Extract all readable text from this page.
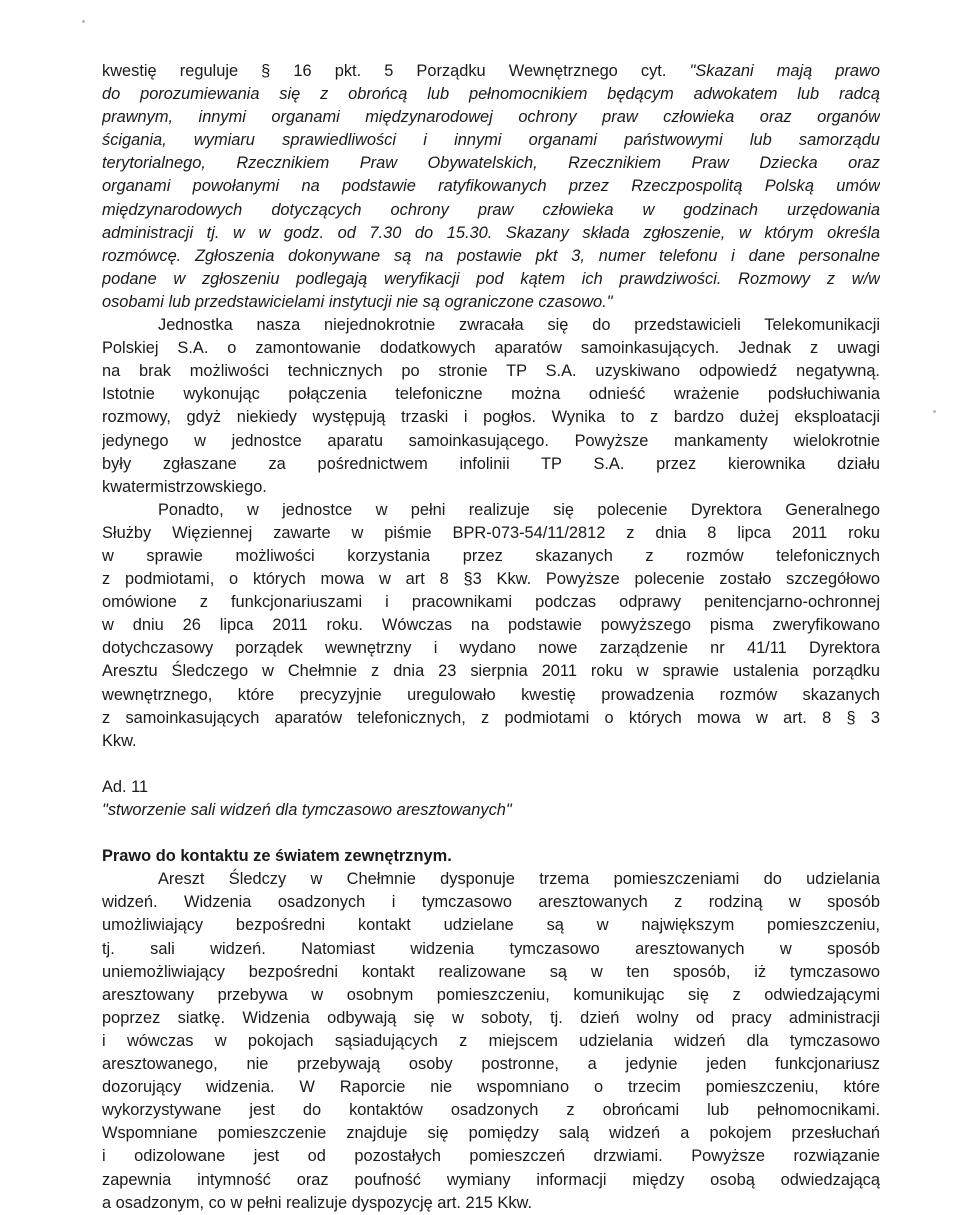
kwestię reguluje § 16 pkt. 5 Porządku Wewnętrznego cyt. "Skazani mają prawo
do porozumiewania się z obrońcą lub pełnomocnikiem będącym adwokatem lub radcą
prawnym, innymi organami międzynarodowej ochrony praw człowieka oraz organów
ścigania, wymiaru sprawiedliwości i innymi organami państwowymi lub samorządu
terytorialnego, Rzecznikiem Praw Obywatelskich, Rzecznikiem Praw Dziecka oraz
organami powołanymi na podstawie ratyfikowanych przez Rzeczpospolitą Polską umów
międzynarodowych dotyczących ochrony praw człowieka w godzinach urzędowania
administracji tj. w w godz. od 7.30 do 15.30. Skazany składa zgłoszenie, w którym określa
rozmówcę. Zgłoszenia dokonywane są na postawie pkt 3, numer telefonu i dane personalne
podane w zgłoszeniu podlegają weryfikacji pod kątem ich prawdziwości. Rozmowy z w/w
osobami lub przedstawicielami instytucji nie są ograniczone czasowo."
Jednostka nasza niejednokrotnie zwracała się do przedstawicieli Telekomunikacji
Polskiej S.A. o zamontowanie dodatkowych aparatów samoinkasujących. Jednak z uwagi
na brak możliwości technicznych po stronie TP S.A. uzyskiwano odpowiedź negatywną.
Istotnie wykonując połączenia telefoniczne można odnieść wrażenie podsłuchiwania
rozmowy, gdyż niekiedy występują trzaski i pogłos. Wynika to z bardzo dużej eksploatacji
jedynego w jednostce aparatu samoinkasującego. Powyższe mankamenty wielokrotnie
były zgłaszane za pośrednictwem infolinii TP S.A. przez kierownika działu
kwatermistrzowskiego.
Ponadto, w jednostce w pełni realizuje się polecenie Dyrektora Generalnego
Służby Więziennej zawarte w piśmie BPR-073-54/11/2812 z dnia 8 lipca 2011 roku
w sprawie możliwości korzystania przez skazanych z rozmów telefonicznych
z podmiotami, o których mowa w art 8 §3 Kkw. Powyższe polecenie zostało szczegółowo
omówione z funkcjonariuszami i pracownikami podczas odprawy penitencjarno-ochronnej
w dniu 26 lipca 2011 roku. Wówczas na podstawie powyższego pisma zweryfikowano
dotychczasowy porządek wewnętrzny i wydano nowe zarządzenie nr 41/11 Dyrektora
Aresztu Śledczego w Chełmnie z dnia 23 sierpnia 2011 roku w sprawie ustalenia porządku
wewnętrznego, które precyzyjnie uregulowało kwestię prowadzenia rozmów skazanych
z samoinkasujących aparatów telefonicznych, z podmiotami o których mowa w art. 8 § 3
Kkw.
Ad. 11
"stworzenie sali widzeń dla tymczasowo aresztowanych"
Prawo do kontaktu ze światem zewnętrznym.
Areszt Śledczy w Chełmnie dysponuje trzema pomieszczeniami do udzielania
widzeń. Widzenia osadzonych i tymczasowo aresztowanych z rodziną w sposób
umożliwiający bezpośredni kontakt udzielane są w największym pomieszczeniu,
tj. sali widzeń. Natomiast widzenia tymczasowo aresztowanych w sposób
uniemożliwiający bezpośredni kontakt realizowane są w ten sposób, iż tymczasowo
aresztowany przebywa w osobnym pomieszczeniu, komunikując się z odwiedzającymi
poprzez siatkę. Widzenia odbywają się w soboty, tj. dzień wolny od pracy administracji
i wówczas w pokojach sąsiadujących z miejscem udzielania widzeń dla tymczasowo
aresztowanego, nie przebywają osoby postronne, a jedynie jeden funkcjonariusz
dozorujący widzenia. W Raporcie nie wspomniano o trzecim pomieszczeniu, które
wykorzystywane jest do kontaktów osadzonych z obrońcami lub pełnomocnikami.
Wspomniane pomieszczenie znajduje się pomiędzy salą widzeń a pokojem przesłuchań
i odizolowane jest od pozostałych pomieszczeń drzwiami. Powyższe rozwiązanie
zapewnia intymność oraz poufność wymiany informacji między osobą odwiedzającą
a osadzonym, co w pełni realizuje dyspozycję art. 215 Kkw.
